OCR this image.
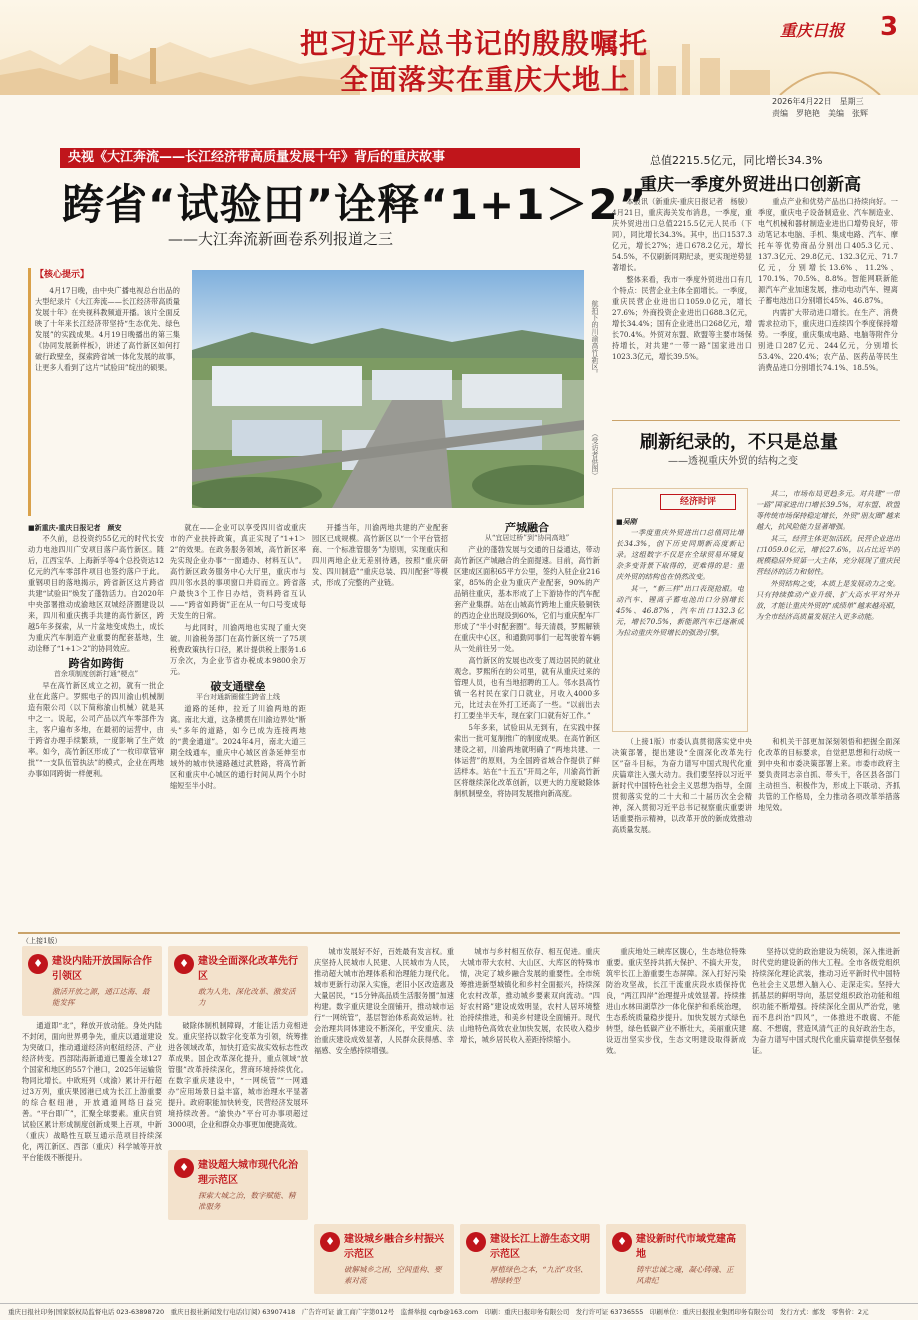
把习近平总书记的殷殷嘱托
全面落实在重庆大地上
重庆日报 3
2026年4月22日　星期三
责编　罗艳艳　美编　张辉
央视《大江奔流——长江经济带高质量发展十年》背后的重庆故事
跨省“试验田”诠释“1+1＞2”
——大江奔流新画卷系列报道之三
【核心提示】

4月17日晚，由中央广播电视总台出品的大型纪录片《大江奔流——长江经济带高质量发展十年》在央视科教频道开播。该片全面反映了十年来长江经济带坚持“生态优先、绿色发展”的实践成果。4月19日晚播出的第三集《协同发展新样板》，讲述了高竹新区如何打破行政壁垒，探索跨省域一体化发展的故事，让更多人看到了这片“试验田”绽出的硕果。	航拍下的川渝高竹新区。
（受访者供图）
■新重庆-重庆日报记者　颜安

不久前，总投资约55亿元的时代长安动力电池四川广安项目落户高竹新区。随后，江西宝华、上海新孚等4个总投资达12亿元的汽车零部件项目也签约落户于此。重钢项目的落地揭示，跨省新区这片跨省共建“试验田”焕发了蓬勃活力。自2020年中央部署推动成渝地区双城经济圈建设以来，四川和重庆携手共建的高竹新区，跨越5年多探索，从一片盆地变成热土，成长为重庆汽车制造产业重要的配套基地，生动诠释了“1+1＞2”的协同效应。

跨省如跨街
首余项制度创新打通“梗点”

早在高竹新区成立之初，就有一批企业在此落户。罗熙电子的四川渝山机械制造有限公司（以下简称渝山机械）就是其中之一。说起，公司产品以汽车零部件为主，客户遍布多地，在最初的运营中，由于跨省办理手续繁琐，一度影响了生产效率。如今，高竹新区形成了“一枚印章管审批”“一支队伍管执法”的模式，企业在两地办事如同跨街一样便利。

就在——企业可以享受四川省或重庆市的产业扶持政策，真正实现了“1+1＞2”的效果。在政务服务领域，高竹新区率先实现企业办事“一窗通办、材料互认”。高竹新区政务服务中心大厅里，重庆市与四川邻水县的事项窗口并肩而立。跨省落户最快3个工作日办结，资料跨省互认——“跨省如跨街”正在从一句口号变成每天发生的日常。

与此同时，川渝两地也实现了重大突破。川渝税务部门在高竹新区统一了75项税费政策执行口径，累计提供税上服务1.6万余次，为企业节省办税成本9800余万元。

破支通壁垒
平台对通新圈催生跨省上线

道路的延伸，拉近了川渝两地的距离。南北大道，这条横贯在川渝边界处“断头”多年的道路，如今已成为连接两地的“黄金通道”。2024年4月，南北大道三期全线通车，重庆中心城区首条延伸至市域外的城市快速路越过武胜路，将高竹新区和重庆中心城区的通行时间从两个小时缩短至半小时。

开播当年，川渝两地共建的产业配套园区已成规模。高竹新区以“一个平台管招商、一个标准管服务”为原则，实现重庆和四川两地企业无差别待遇，按照“重庆研发、四川制造”“重庆总装、四川配套”等模式，形成了完整的产业链。

产城融合
从“宜居过桥”到“协同高地”

产业的蓬勃发展与交通的日益通达，带动高竹新区产城融合的全面提速。目前，高竹新区建成区面积65平方公里，签约入驻企业216家，85%的企业为重庆产业配套，90%的产品销往重庆，基本形成了上下游协作的汽车配套产业集群。站在山城高竹跨地上重庆般铜铁的西边企业出现设到60%，它们与重庆配车厂形成了“半小时配套圈”。每天清晨，罗熙解锁在重庆中心区，和通勤同事们一起驾驶着车辆从一处前往另一处。

高竹新区的发展也改变了周边居民的就业观念。罗熙所在的公司里，就有从重庆过来的管理人员，也有当地招聘的工人。邻水县高竹镇一名村民在家门口就业，月收入4000多元，比过去在外打工还高了一些。“以前出去打工要坐半天车，现在家门口就有好工作。”

5年多来，试验田从无到有，在实践中探索出一批可复制推广的制度成果。在高竹新区建设之初，川渝两地就明确了“两地共建、一体运营”的原则，为全国跨省域合作提供了鲜活样本。站在“十五五”开局之年，川渝高竹新区将继续深化改革创新，以更大的力度破除体制机制壁垒，将协同发展推向新高度。

总值2215.5亿元，同比增长34.3%
重庆一季度外贸进出口创新高

本报讯（新重庆-重庆日报记者　杨骏）4月21日，重庆海关发布消息，一季度，重庆外贸进出口总值2215.5亿元人民币（下同），同比增长34.3%。其中，出口1537.3亿元，增长27%；进口678.2亿元，增长54.5%，不仅刷新同期纪录，更实现逆势显著增长。

整体来看，我市一季度外贸进出口有几个特点：民营企业主体全面增长。一季度，重庆民营企业进出口1059.0亿元，增长27.6%；外商投资企业进出口688.3亿元，增长34.4%；国有企业进出口268亿元，增长70.4%。外贸对东盟、欧盟等主要市场保持增长，对共建“一带一路”国家进出口1023.3亿元，增长39.5%。

重点产业和优势产品出口持续向好。一季度，重庆电子设备制造业、汽车制造业、电气机械和器材制造业进出口增势良好，带动笔记本电脑、手机、集成电路、汽车、摩托车等优势商品分别出口405.3亿元、137.3亿元、29.8亿元、132.3亿元、71.7亿元，分别增长13.6%、11.2%、170.1%、70.5%、8.8%。智能网联新能源汽车产业加速发展，推动电动汽车、锂离子蓄电池出口分别增长45%、46.87%。

内需扩大带动进口增长。在生产、消费需求拉动下，重庆进口连续四个季度保持增势。一季度，重庆集成电路、电脑等附件分别进口287亿元、244亿元，分别增长53.4%、220.4%；农产品、医药品等民生消费品进口分别增长74.1%、18.5%。

刷新纪录的，不只是总量
——透视重庆外贸的结构之变
经济时评
■吴刚

一季度重庆外贸进出口总值同比增长34.3%，创下历史同期新高度新记录。这组数字不仅是在全球贸易环境复杂多变背景下取得的，更难得的是：重庆外贸的结构也在悄然改变。

其一，“新三样”出口表现抢眼。电动汽车、锂离子蓄电池出口分别增长45%、46.87%，汽车出口132.3亿元，增长70.5%，新能源汽车已逐渐成为拉动重庆外贸增长的强劲引擎。

其二，市场布局更趋多元。对共建“一带一路”国家进出口增长39.5%，对东盟、欧盟等传统市场保持稳定增长，外贸“朋友圈”越来越大，抗风险能力显著增强。

其三，经营主体更加活跃。民营企业进出口1059.0亿元，增长27.6%，以占比近半的规模稳居外贸第一大主体，充分展现了重庆民营经济的活力和韧性。

外贸结构之变，本质上是发展动力之变。只有持续推动产业升级、扩大高水平对外开放，才能让重庆外贸的“成绩单”越来越亮眼，为全市经济高质量发展注入更多动能。

（上接1版）市委认真贯彻落实党中央决策部署，提出建设“全面深化改革先行区”奋斗目标，为奋力谱写中国式现代化重庆篇章注入强大动力。我们要坚持以习近平新时代中国特色社会主义思想为指导，全面贯彻落实党的二十大和二十届历次全会精神，深入贯彻习近平总书记视察重庆重要讲话重要指示精神，以改革开放的新成效推动高质量发展。

和机关干部更加深刻领悟和把握全面深化改革的目标要求，自觉把思想和行动统一到中央和市委决策部署上来。市委市政府主要负责同志亲自抓、带头干，各区县各部门主动担当、积极作为，形成上下联动、齐抓共管的工作格局，全力推动各项改革举措落地见效。

（上接1版）
♦ 建设内陆开放国际合作引领区
激活开放之源，通江达海、最能发挥

通道即“北”，释放开放动能。身处内陆不封闭，面向世界勇争先，重庆以通道建设为突破口，推动通道经济向枢纽经济、产业经济转变。西部陆海新通道已覆盖全球127个国家和地区的557个港口，2025年运输货物同比增长。中欧班列（成渝）累计开行超过3万列，重庆果园港已成为长江上游重要的综合枢纽港，开放通道网络日益完善。“平台即广”，汇聚全球要素。重庆自贸试验区累计形成制度创新成果上百项，中新（重庆）战略性互联互通示范项目持续深化，两江新区、西部（重庆）科学城等开放平台能级不断提升。

♦ 建设全面深化改革先行区
敢为人先、深化改革、激发活力

破除体制机制障碍，才能让活力竞相迸发。重庆坚持以数字化变革为引领，统筹推进各领域改革，加快打造实战实效标志性改革成果。国企改革深化提升，重点领域“放管服”改革持续深化，营商环境持续优化。在数字重庆建设中，“一网统管”“一网通办”应用场景日益丰富，城市治理水平显著提升。政府职能加快转变，民营经济发展环境持续改善。“渝快办”平台可办事项超过3000项，企业和群众办事更加便捷高效。

♦ 建设超大城市现代化治理示范区
探索大城之治，数字赋能、精准服务

城市发展好不好，百姓最有发言权。重庆坚持人民城市人民建、人民城市为人民，推动超大城市治理体系和治理能力现代化。城市更新行动深入实施，老旧小区改造惠及大量居民，“15分钟高品质生活服务圈”加速构建。数字重庆建设全面铺开，推动城市运行“一网统管”，基层智治体系高效运转。社会治理共同体建设不断深化，平安重庆、法治重庆建设成效显著，人民群众获得感、幸福感、安全感持续增强。

♦ 建设城乡融合乡村振兴示范区
破解城乡之困，空间重构、要素对流

城市与乡村相互依存、相互促进。重庆大城市带大农村、大山区、大库区的特殊市情，决定了城乡融合发展的重要性。全市统筹推进新型城镇化和乡村全面振兴，持续深化农村改革，推动城乡要素双向流动。“四好农村路”建设成效明显，农村人居环境整治持续推进，和美乡村建设全面铺开。现代山地特色高效农业加快发展，农民收入稳步增长，城乡居民收入差距持续缩小。

♦ 建设长江上游生态文明示范区
厚植绿色之本，“九治”攻坚、增绿转型

重庆地处三峡库区腹心，生态地位特殊重要。重庆坚持共抓大保护、不搞大开发，筑牢长江上游重要生态屏障。深入打好污染防治攻坚战，长江干流重庆段水质保持优良，“两江四岸”治理提升成效显著。持续推进山水林田湖草沙一体化保护和系统治理，生态系统质量稳步提升。加快发展方式绿色转型，绿色低碳产业不断壮大，美丽重庆建设迈出坚实步伐，生态文明建设取得新成效。

♦ 建设新时代市域党建高地
铸牢忠诚之魂，凝心铸魂、正风肃纪

坚持以党的政治建设为统领，深入推进新时代党的建设新的伟大工程。全市各级党组织持续深化理论武装，推动习近平新时代中国特色社会主义思想入脑入心、走深走实。坚持大抓基层的鲜明导向，基层党组织政治功能和组织功能不断增强。持续深化全面从严治党，驰而不息纠治“四风”，一体推进不敢腐、不能腐、不想腐，营造风清气正的良好政治生态，为奋力谱写中国式现代化重庆篇章提供坚强保证。

重庆日报社印务|国家版权局监督电话 023-63898720　重庆日报社新闻发行电话(订阅) 63907418　广告许可证 渝工商广字第012号　监督举报 cqrb@163.com　印刷：重庆日报印务有限公司　发行许可证 63736555　印刷单位：重庆日报报业集团印务有限公司　发行方式：邮发　零售价：2元
